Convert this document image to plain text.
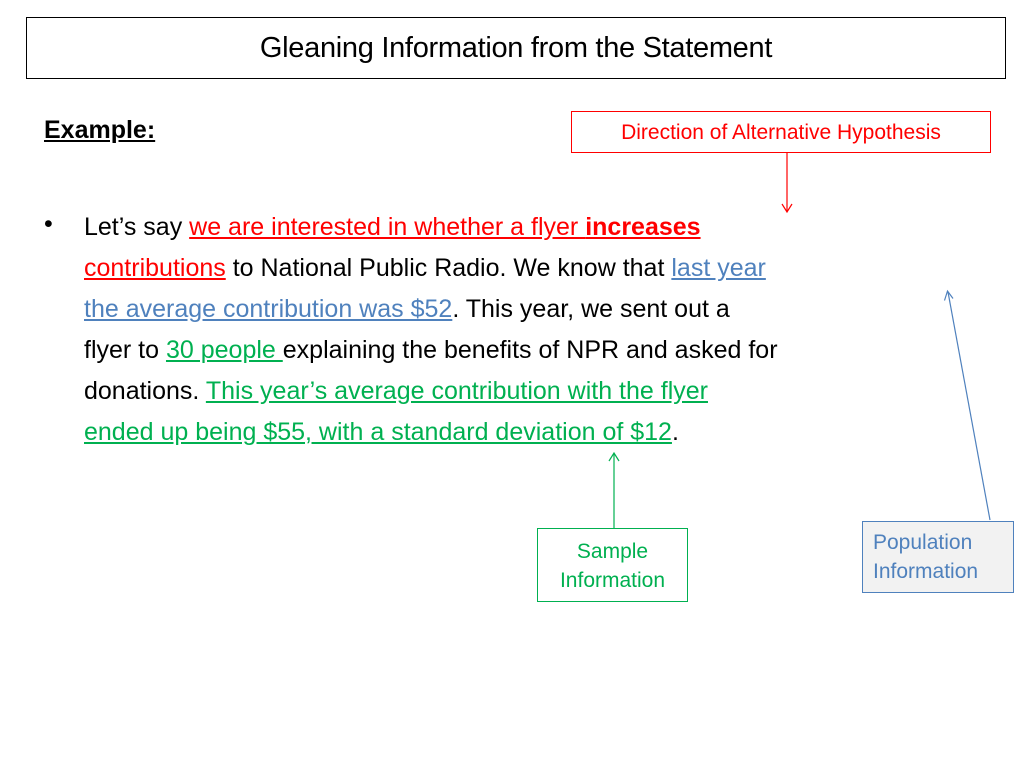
Gleaning Information from the Statement
Example:
• Let’s say we are interested in whether a flyer increases
contributions to National Public Radio. We know that last year
the average contribution was $52. This year, we sent out a
flyer to 30 people explaining the benefits of NPR and asked for
donations. This year’s average contribution with the flyer
ended up being $55, with a standard deviation of $12.
Direction of Alternative Hypothesis
Sample
Information
Population
Information
